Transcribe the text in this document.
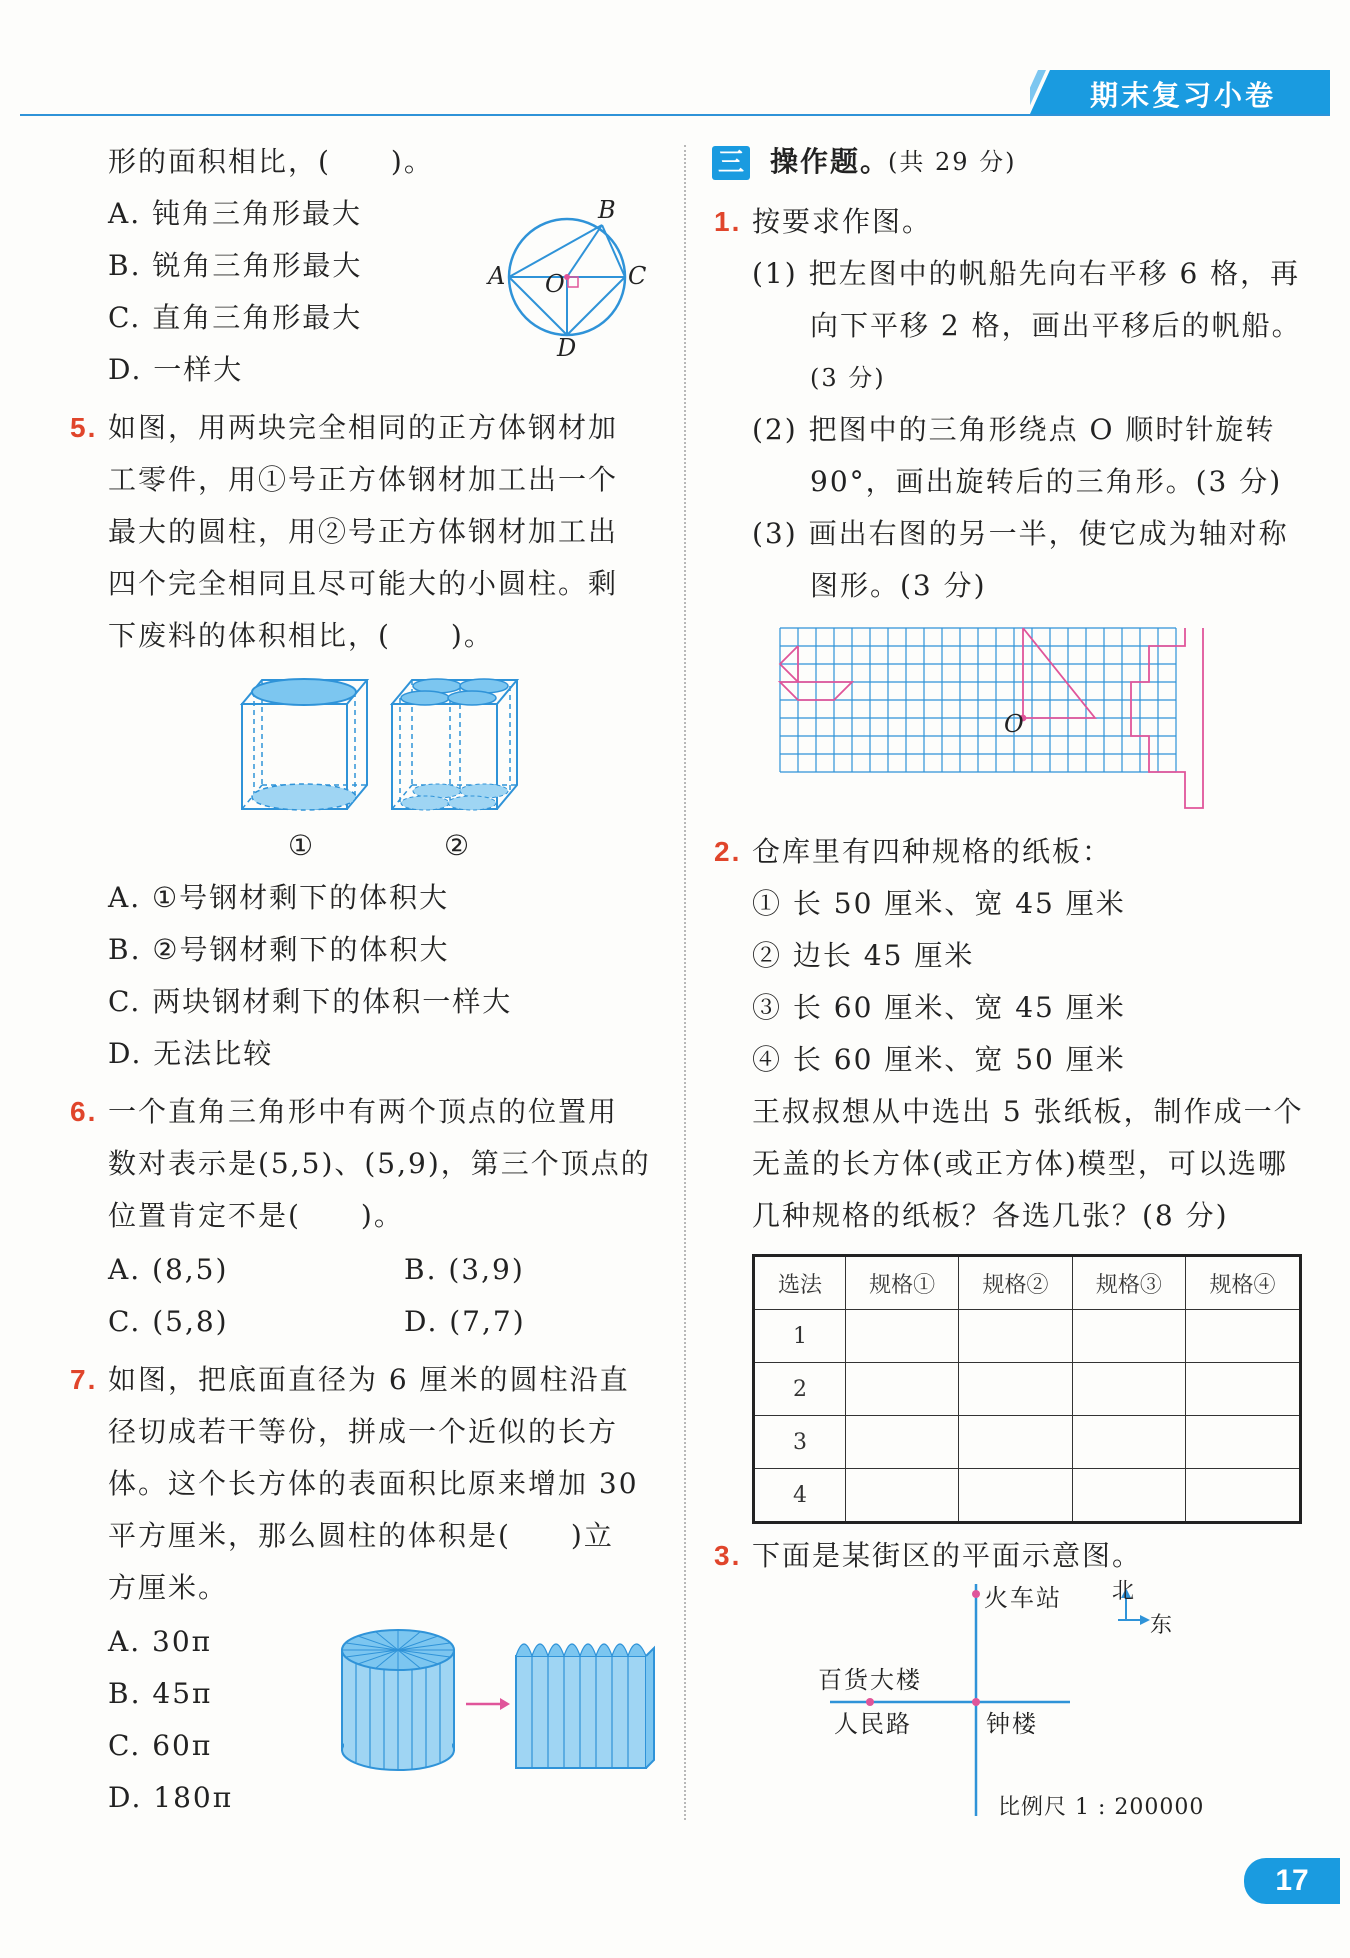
期末复习小卷
形的面积相比，(　　)。
A. 钝角三角形最大
B. 锐角三角形最大
C. 直角三角形最大
D. 一样大
B
A O	C
D
5. 如图，用两块完全相同的正方体钢材加
工零件，用①号正方体钢材加工出一个
最大的圆柱，用②号正方体钢材加工出
四个完全相同且尽可能大的小圆柱。剩
下废料的体积相比，(　　)。
①	②
A. ①号钢材剩下的体积大
B. ②号钢材剩下的体积大
C. 两块钢材剩下的体积一样大
D. 无法比较
6. 一个直角三角形中有两个顶点的位置用
数对表示是(5,5)、(5,9)，第三个顶点的
位置肯定不是(　　)。
A. (8,5)	B. (3,9)
C. (5,8)	D. (7,7)
7. 如图，把底面直径为 6 厘米的圆柱沿直
径切成若干等份，拼成一个近似的长方
体。这个长方体的表面积比原来增加 30
平方厘米，那么圆柱的体积是(　　)立
方厘米。
A. 30π
B. 45π
C. 60π
D. 180π
三 操作题。
(共 29 分)
1. 按要求作图。
(1) 把左图中的帆船先向右平移 6 格，再
向下平移 2 格，画出平移后的帆船。
(3 分)
(2) 把图中的三角形绕点 O 顺时针旋转
90°，画出旋转后的三角形。(3 分)
(3) 画出右图的另一半，使它成为轴对称
图形。(3 分)
O
2. 仓库里有四种规格的纸板：
① 长 50 厘米、宽 45 厘米
② 边长 45 厘米
③ 长 60 厘米、宽 45 厘米
④ 长 60 厘米、宽 50 厘米
王叔叔想从中选出 5 张纸板，制作成一个
无盖的长方体(或正方体)模型，可以选哪
几种规格的纸板？各选几张？(8 分)
选法	规格①	规格②	规格③	规格④
1				
2				
3				
4				
3. 下面是某街区的平面示意图。
火车站 北
东
百货大楼
人民路	钟楼
比例尺 1 : 200000
17
